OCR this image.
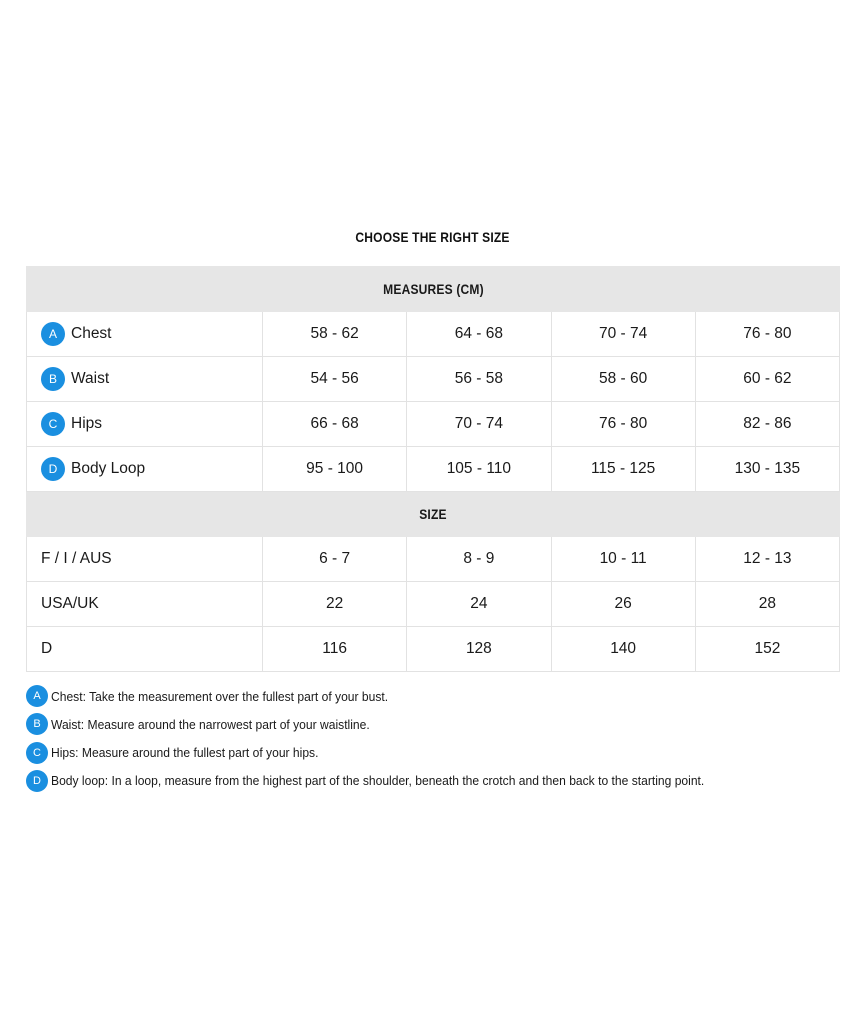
CHOOSE THE RIGHT SIZE
MEASURES (CM)				
A Chest	58 - 62	64 - 68	70 - 74	76 - 80
B Waist	54 - 56	56 - 58	58 - 60	60 - 62
C Hips	66 - 68	70 - 74	76 - 80	82 - 86
D Body Loop	95 - 100	105 - 110	115 - 125	130 - 135
SIZE				
F / I / AUS	6 - 7	8 - 9	10 - 11	12 - 13
USA/UK	22	24	26	28
D	116	128	140	152
A Chest: Take the measurement over the fullest part of your bust.
B Waist: Measure around the narrowest part of your waistline.
C Hips: Measure around the fullest part of your hips.
D Body loop: In a loop, measure from the highest part of the shoulder, beneath the crotch and then back to the starting point.
